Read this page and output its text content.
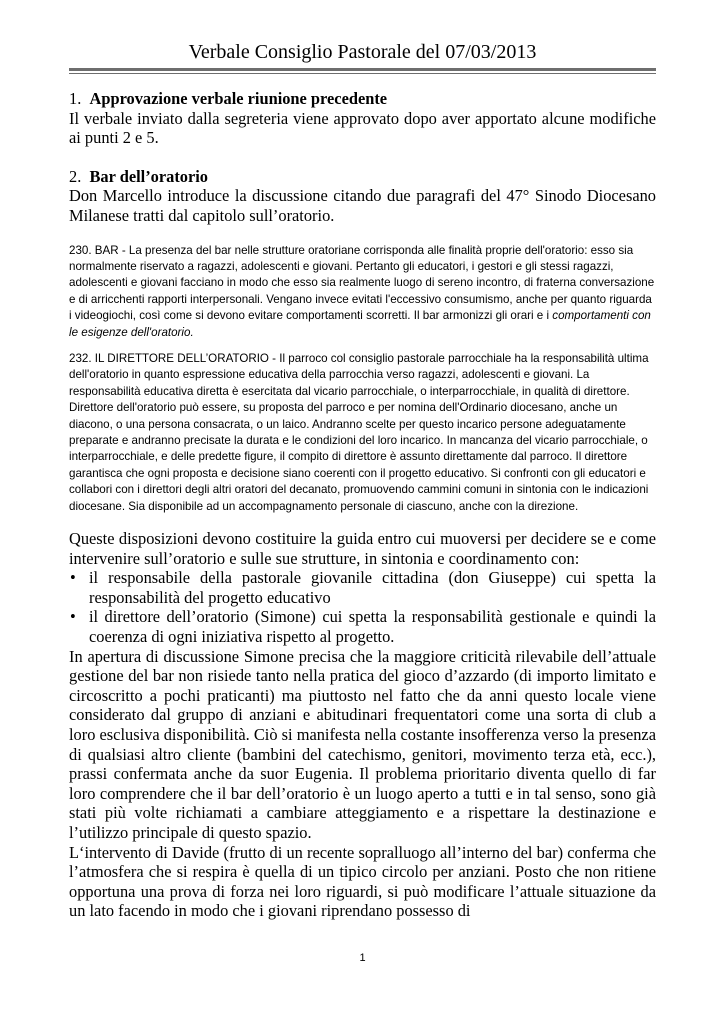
Verbale Consiglio Pastorale del 07/03/2013

1. Approvazione verbale riunione precedente

Il verbale inviato dalla segreteria viene approvato dopo aver apportato alcune modifiche ai punti 2 e 5.

2. Bar dell’oratorio

Don Marcello introduce la discussione citando due paragrafi del 47° Sinodo Diocesano Milanese tratti dal capitolo sull’oratorio.

230. BAR - La presenza del bar nelle strutture oratoriane corrisponda alle finalità proprie dell'oratorio: esso sia normalmente riservato a ragazzi, adolescenti e giovani. Pertanto gli educatori, i gestori e gli stessi ragazzi, adolescenti e giovani facciano in modo che esso sia realmente luogo di sereno incontro, di fraterna conversazione e di arricchenti rapporti interpersonali. Vengano invece evitati l'eccessivo consumismo, anche per quanto riguarda i videogiochi, così come si devono evitare comportamenti scorretti. Il bar armonizzi gli orari e i comportamenti con le esigenze dell'oratorio.

232. IL DIRETTORE DELL’ORATORIO - Il parroco col consiglio pastorale parrocchiale ha la responsabilità ultima dell'oratorio in quanto espressione educativa della parrocchia verso ragazzi, adolescenti e giovani. La responsabilità educativa diretta è esercitata dal vicario parrocchiale, o interparrocchiale, in qualità di direttore. Direttore dell'oratorio può essere, su proposta del parroco e per nomina dell'Ordinario diocesano, anche un diacono, o una persona consacrata, o un laico. Andranno scelte per questo incarico persone adeguatamente preparate e andranno precisate la durata e le condizioni del loro incarico. In mancanza del vicario parrocchiale, o interparrocchiale, e delle predette figure, il compito di direttore è assunto direttamente dal parroco. Il direttore garantisca che ogni proposta e decisione siano coerenti con il progetto educativo. Si confronti con gli educatori e collabori con i direttori degli altri oratori del decanato, promuovendo cammini comuni in sintonia con le indicazioni diocesane. Sia disponibile ad un accompagnamento personale di ciascuno, anche con la direzione.

Queste disposizioni devono costituire la guida entro cui muoversi per decidere se e come intervenire sull’oratorio e sulle sue strutture, in sintonia e coordinamento con:

• il responsabile della pastorale giovanile cittadina (don Giuseppe) cui spetta la responsabilità del progetto educativo
• il direttore dell’oratorio (Simone) cui spetta la responsabilità gestionale e quindi la coerenza di ogni iniziativa rispetto al progetto.

In apertura di discussione Simone precisa che la maggiore criticità rilevabile dell’attuale gestione del bar non risiede tanto nella pratica del gioco d’azzardo (di importo limitato e circoscritto a pochi praticanti) ma piuttosto nel fatto che da anni questo locale viene considerato dal gruppo di anziani e abitudinari frequentatori come una sorta di club a loro esclusiva disponibilità. Ciò si manifesta nella costante insofferenza verso la presenza di qualsiasi altro cliente (bambini del catechismo, genitori, movimento terza età, ecc.), prassi confermata anche da suor Eugenia. Il problema prioritario diventa quello di far loro comprendere che il bar dell’oratorio è un luogo aperto a tutti e in tal senso, sono già stati più volte richiamati a cambiare atteggiamento e a rispettare la destinazione e l’utilizzo principale di questo spazio.

L‘intervento di Davide (frutto di un recente sopralluogo all’interno del bar) conferma che l’atmosfera che si respira è quella di un tipico circolo per anziani. Posto che non ritiene opportuna una prova di forza nei loro riguardi, si può modificare l’attuale situazione da un lato facendo in modo che i giovani riprendano possesso di

1
